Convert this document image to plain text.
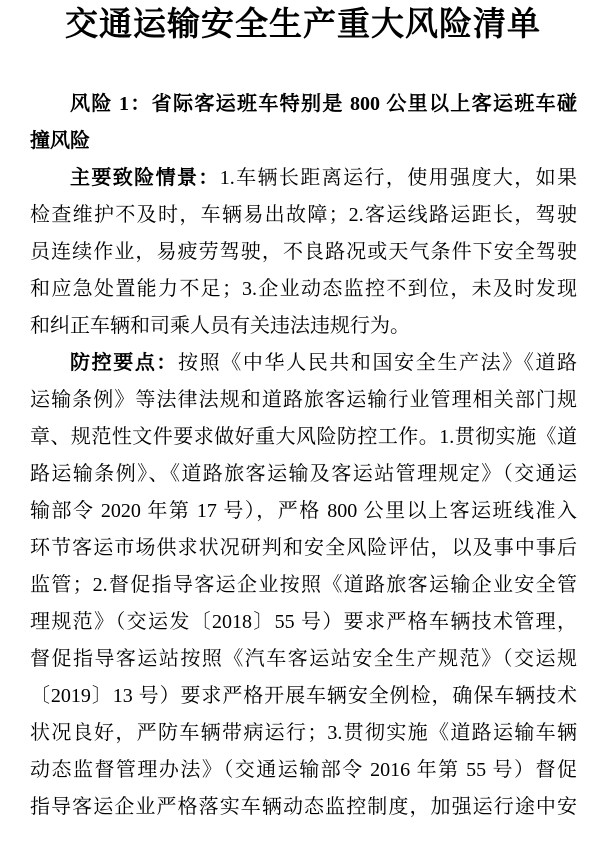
交通运输安全生产重大风险清单
风险 1：省际客运班车特别是 800 公里以上客运班车碰
撞风险
主要致险情景：1.车辆长距离运行，使用强度大，如果
检查维护不及时，车辆易出故障；2.客运线路运距长，驾驶
员连续作业，易疲劳驾驶，不良路况或天气条件下安全驾驶
和应急处置能力不足；3.企业动态监控不到位，未及时发现
和纠正车辆和司乘人员有关违法违规行为。
防控要点：按照《中华人民共和国安全生产法》《道路
运输条例》等法律法规和道路旅客运输行业管理相关部门规
章、规范性文件要求做好重大风险防控工作。1.贯彻实施《道
路运输条例》、《道路旅客运输及客运站管理规定》（交通运
输部令 2020 年第 17 号），严格 800 公里以上客运班线准入
环节客运市场供求状况研判和安全风险评估，以及事中事后
监管；2.督促指导客运企业按照《道路旅客运输企业安全管
理规范》（交运发〔2018〕55 号）要求严格车辆技术管理，
督促指导客运站按照《汽车客运站安全生产规范》（交运规
〔2019〕13 号）要求严格开展车辆安全例检，确保车辆技术
状况良好，严防车辆带病运行；3.贯彻实施《道路运输车辆
动态监督管理办法》（交通运输部令 2016 年第 55 号）督促
指导客运企业严格落实车辆动态监控制度，加强运行途中安
